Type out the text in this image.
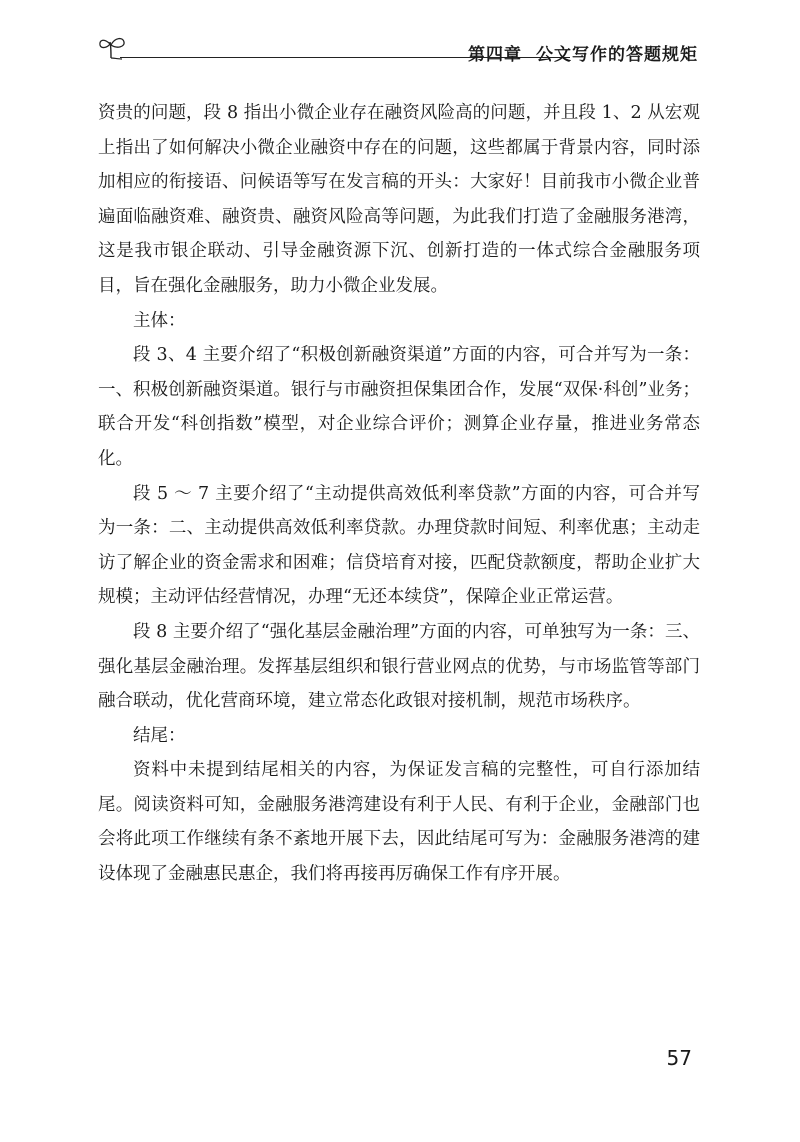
第四章 公文写作的答题规矩

资贵的问题，段 8 指出小微企业存在融资风险高的问题，并且段 1、2 从宏观上指出了如何解决小微企业融资中存在的问题，这些都属于背景内容，同时添加相应的衔接语、问候语等写在发言稿的开头：大家好！目前我市小微企业普遍面临融资难、融资贵、融资风险高等问题，为此我们打造了金融服务港湾，这是我市银企联动、引导金融资源下沉、创新打造的一体式综合金融服务项目，旨在强化金融服务，助力小微企业发展。

主体：

段 3、4 主要介绍了“积极创新融资渠道”方面的内容，可合并写为一条：一、积极创新融资渠道。银行与市融资担保集团合作，发展“双保·科创”业务；联合开发“科创指数”模型，对企业综合评价；测算企业存量，推进业务常态化。

段 5 ～ 7 主要介绍了“主动提供高效低利率贷款”方面的内容，可合并写为一条：二、主动提供高效低利率贷款。办理贷款时间短、利率优惠；主动走访了解企业的资金需求和困难；信贷培育对接，匹配贷款额度，帮助企业扩大规模；主动评估经营情况，办理“无还本续贷”，保障企业正常运营。

段 8 主要介绍了“强化基层金融治理”方面的内容，可单独写为一条：三、强化基层金融治理。发挥基层组织和银行营业网点的优势，与市场监管等部门融合联动，优化营商环境，建立常态化政银对接机制，规范市场秩序。

结尾：

资料中未提到结尾相关的内容，为保证发言稿的完整性，可自行添加结尾。阅读资料可知，金融服务港湾建设有利于人民、有利于企业，金融部门也会将此项工作继续有条不紊地开展下去，因此结尾可写为：金融服务港湾的建设体现了金融惠民惠企，我们将再接再厉确保工作有序开展。

57
